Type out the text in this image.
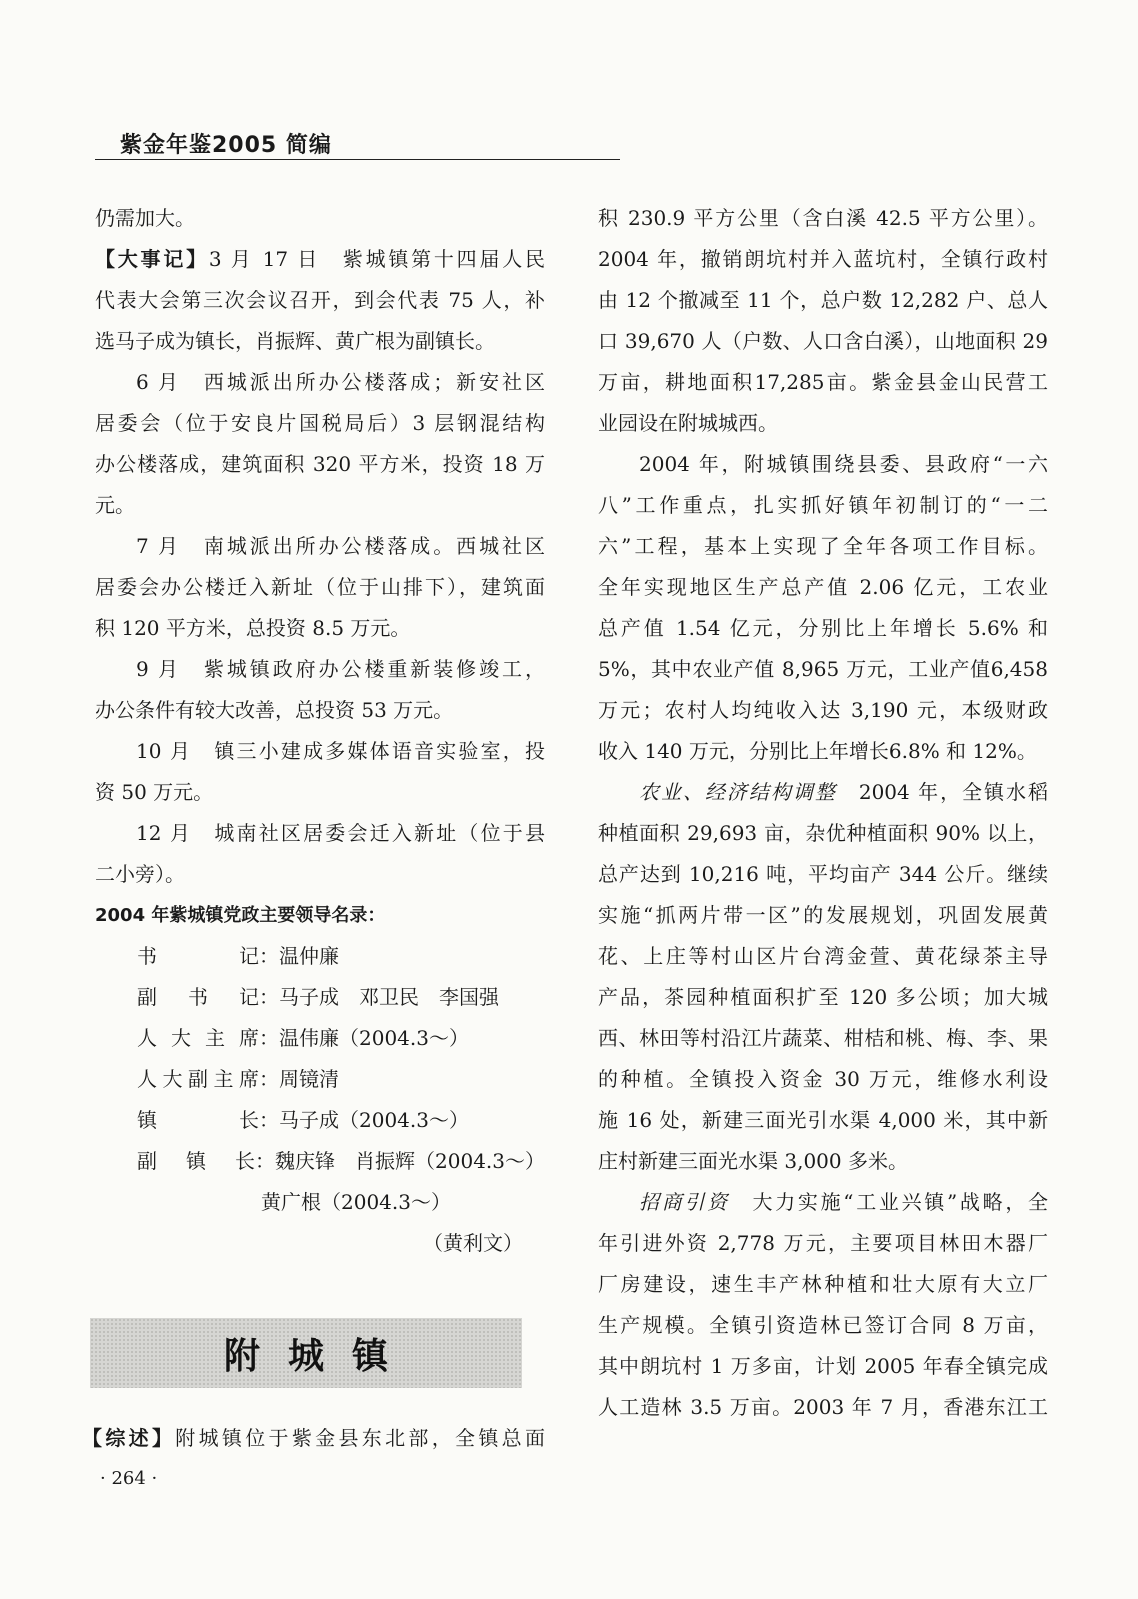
紫金年鉴2005 简编
仍需加大。
【大事记】3 月 17 日　紫城镇第十四届人民
代表大会第三次会议召开，到会代表 75 人，补
选马子成为镇长，肖振辉、黄广根为副镇长。
6 月　西城派出所办公楼落成；新安社区
居委会（位于安良片国税局后）3 层钢混结构
办公楼落成，建筑面积 320 平方米，投资 18 万
元。
7 月　南城派出所办公楼落成。西城社区
居委会办公楼迁入新址（位于山排下），建筑面
积 120 平方米，总投资 8.5 万元。
9 月　紫城镇政府办公楼重新装修竣工，
办公条件有较大改善，总投资 53 万元。
10 月　镇三小建成多媒体语音实验室，投
资 50 万元。
12 月　城南社区居委会迁入新址（位于县
二小旁）。
2004 年紫城镇党政主要领导名录：
书记 ：温仲廉
副书记 ：马子成　邓卫民　李国强
人大主席 ：温伟廉（2004.3～）
人大副主席 ：周镜清
镇长 ：马子成（2004.3～）
副镇长 ：魏庆锋　肖振辉（2004.3～）
黄广根（2004.3～）
（黄利文）
附城镇
【综述】附城镇位于紫金县东北部，全镇总面
· 264 ·
积 230.9 平方公里（含白溪 42.5 平方公里）。
2004 年，撤销朗坑村并入蓝坑村，全镇行政村
由 12 个撤减至 11 个，总户数 12,282 户、总人
口 39,670 人（户数、人口含白溪），山地面积 29
万亩，耕地面积17,285亩。紫金县金山民营工
业园设在附城城西。
2004 年，附城镇围绕县委、县政府“一六
八”工作重点，扎实抓好镇年初制订的“一二
六”工程，基本上实现了全年各项工作目标。
全年实现地区生产总产值 2.06 亿元，工农业
总产值 1.54 亿元，分别比上年增长 5.6% 和
5%，其中农业产值 8,965 万元，工业产值6,458
万元；农村人均纯收入达 3,190 元，本级财政
收入 140 万元，分别比上年增长6.8% 和 12%。
农业、经济结构调整　 2004 年，全镇水稻
种植面积 29,693 亩，杂优种植面积 90% 以上，
总产达到 10,216 吨，平均亩产 344 公斤。继续
实施“抓两片带一区”的发展规划，巩固发展黄
花、上庄等村山区片台湾金萱、黄花绿茶主导
产品，茶园种植面积扩至 120 多公顷；加大城
西、林田等村沿江片蔬菜、柑桔和桃、梅、李、果
的种植。全镇投入资金 30 万元，维修水利设
施 16 处，新建三面光引水渠 4,000 米，其中新
庄村新建三面光水渠 3,000 多米。
招商引资　 大力实施“工业兴镇”战略，全
年引进外资 2,778 万元，主要项目林田木器厂
厂房建设，速生丰产林种植和壮大原有大立厂
生产规模。全镇引资造林已签订合同 8 万亩，
其中朗坑村 1 万多亩，计划 2005 年春全镇完成
人工造林 3.5 万亩。2003 年 7 月，香港东江工
